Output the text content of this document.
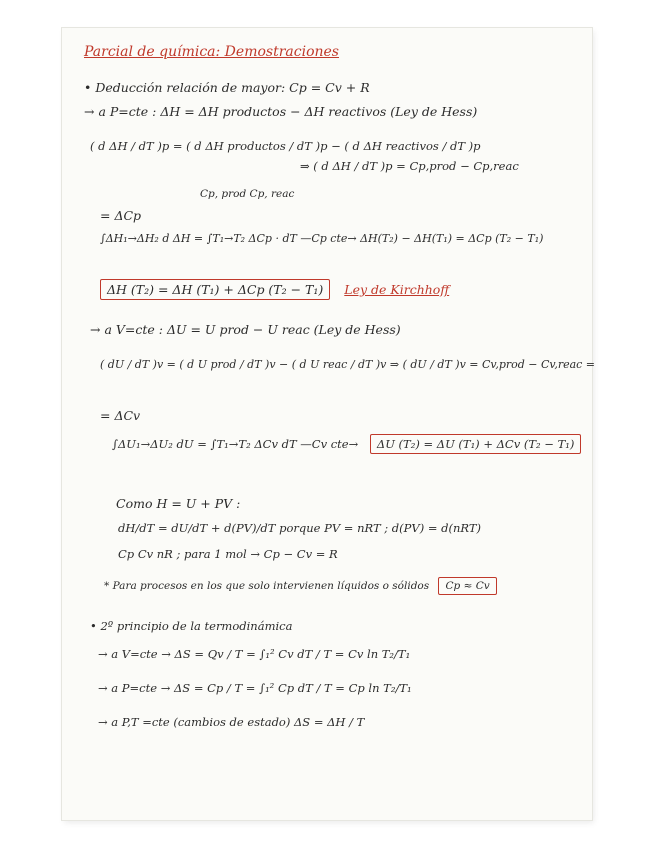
Parcial de química: Demostraciones
• Deducción relación de mayor: Cp = Cv + R
→ a P=cte : ΔH = ΔH productos − ΔH reactivos (Ley de Hess)
( d ΔH / dT )p = ( d ΔH productos / dT )p − ( d ΔH reactivos / dT )p
⇒ ( d ΔH / dT )p = Cp,prod − Cp,reac
Cp, prod Cp, reac
= ΔCp
∫ΔH₁→ΔH₂ d ΔH = ∫T₁→T₂ ΔCp · dT —Cp cte→ ΔH(T₂) − ΔH(T₁) = ΔCp (T₂ − T₁)
ΔH (T₂) = ΔH (T₁) + ΔCp (T₂ − T₁) Ley de Kirchhoff
→ a V=cte : ΔU = U prod − U reac (Ley de Hess)
( dU / dT )v = ( d U prod / dT )v − ( d U reac / dT )v ⇒ ( dU / dT )v = Cv,prod − Cv,reac =
= ΔCv
∫ΔU₁→ΔU₂ dU = ∫T₁→T₂ ΔCv dT —Cv cte→ ΔU (T₂) = ΔU (T₁) + ΔCv (T₂ − T₁)
Como H = U + PV :
dH/dT = dU/dT + d(PV)/dT porque PV = nRT ; d(PV) = d(nRT)
Cp Cv nR ; para 1 mol → Cp − Cv = R
* Para procesos en los que solo intervienen líquidos o sólidos Cp ≈ Cv
• 2º principio de la termodinámica
→ a V=cte → ΔS = Qv / T = ∫₁² Cv dT / T = Cv ln T₂/T₁
→ a P=cte → ΔS = Cp / T = ∫₁² Cp dT / T = Cp ln T₂/T₁
→ a P,T =cte (cambios de estado) ΔS = ΔH / T
